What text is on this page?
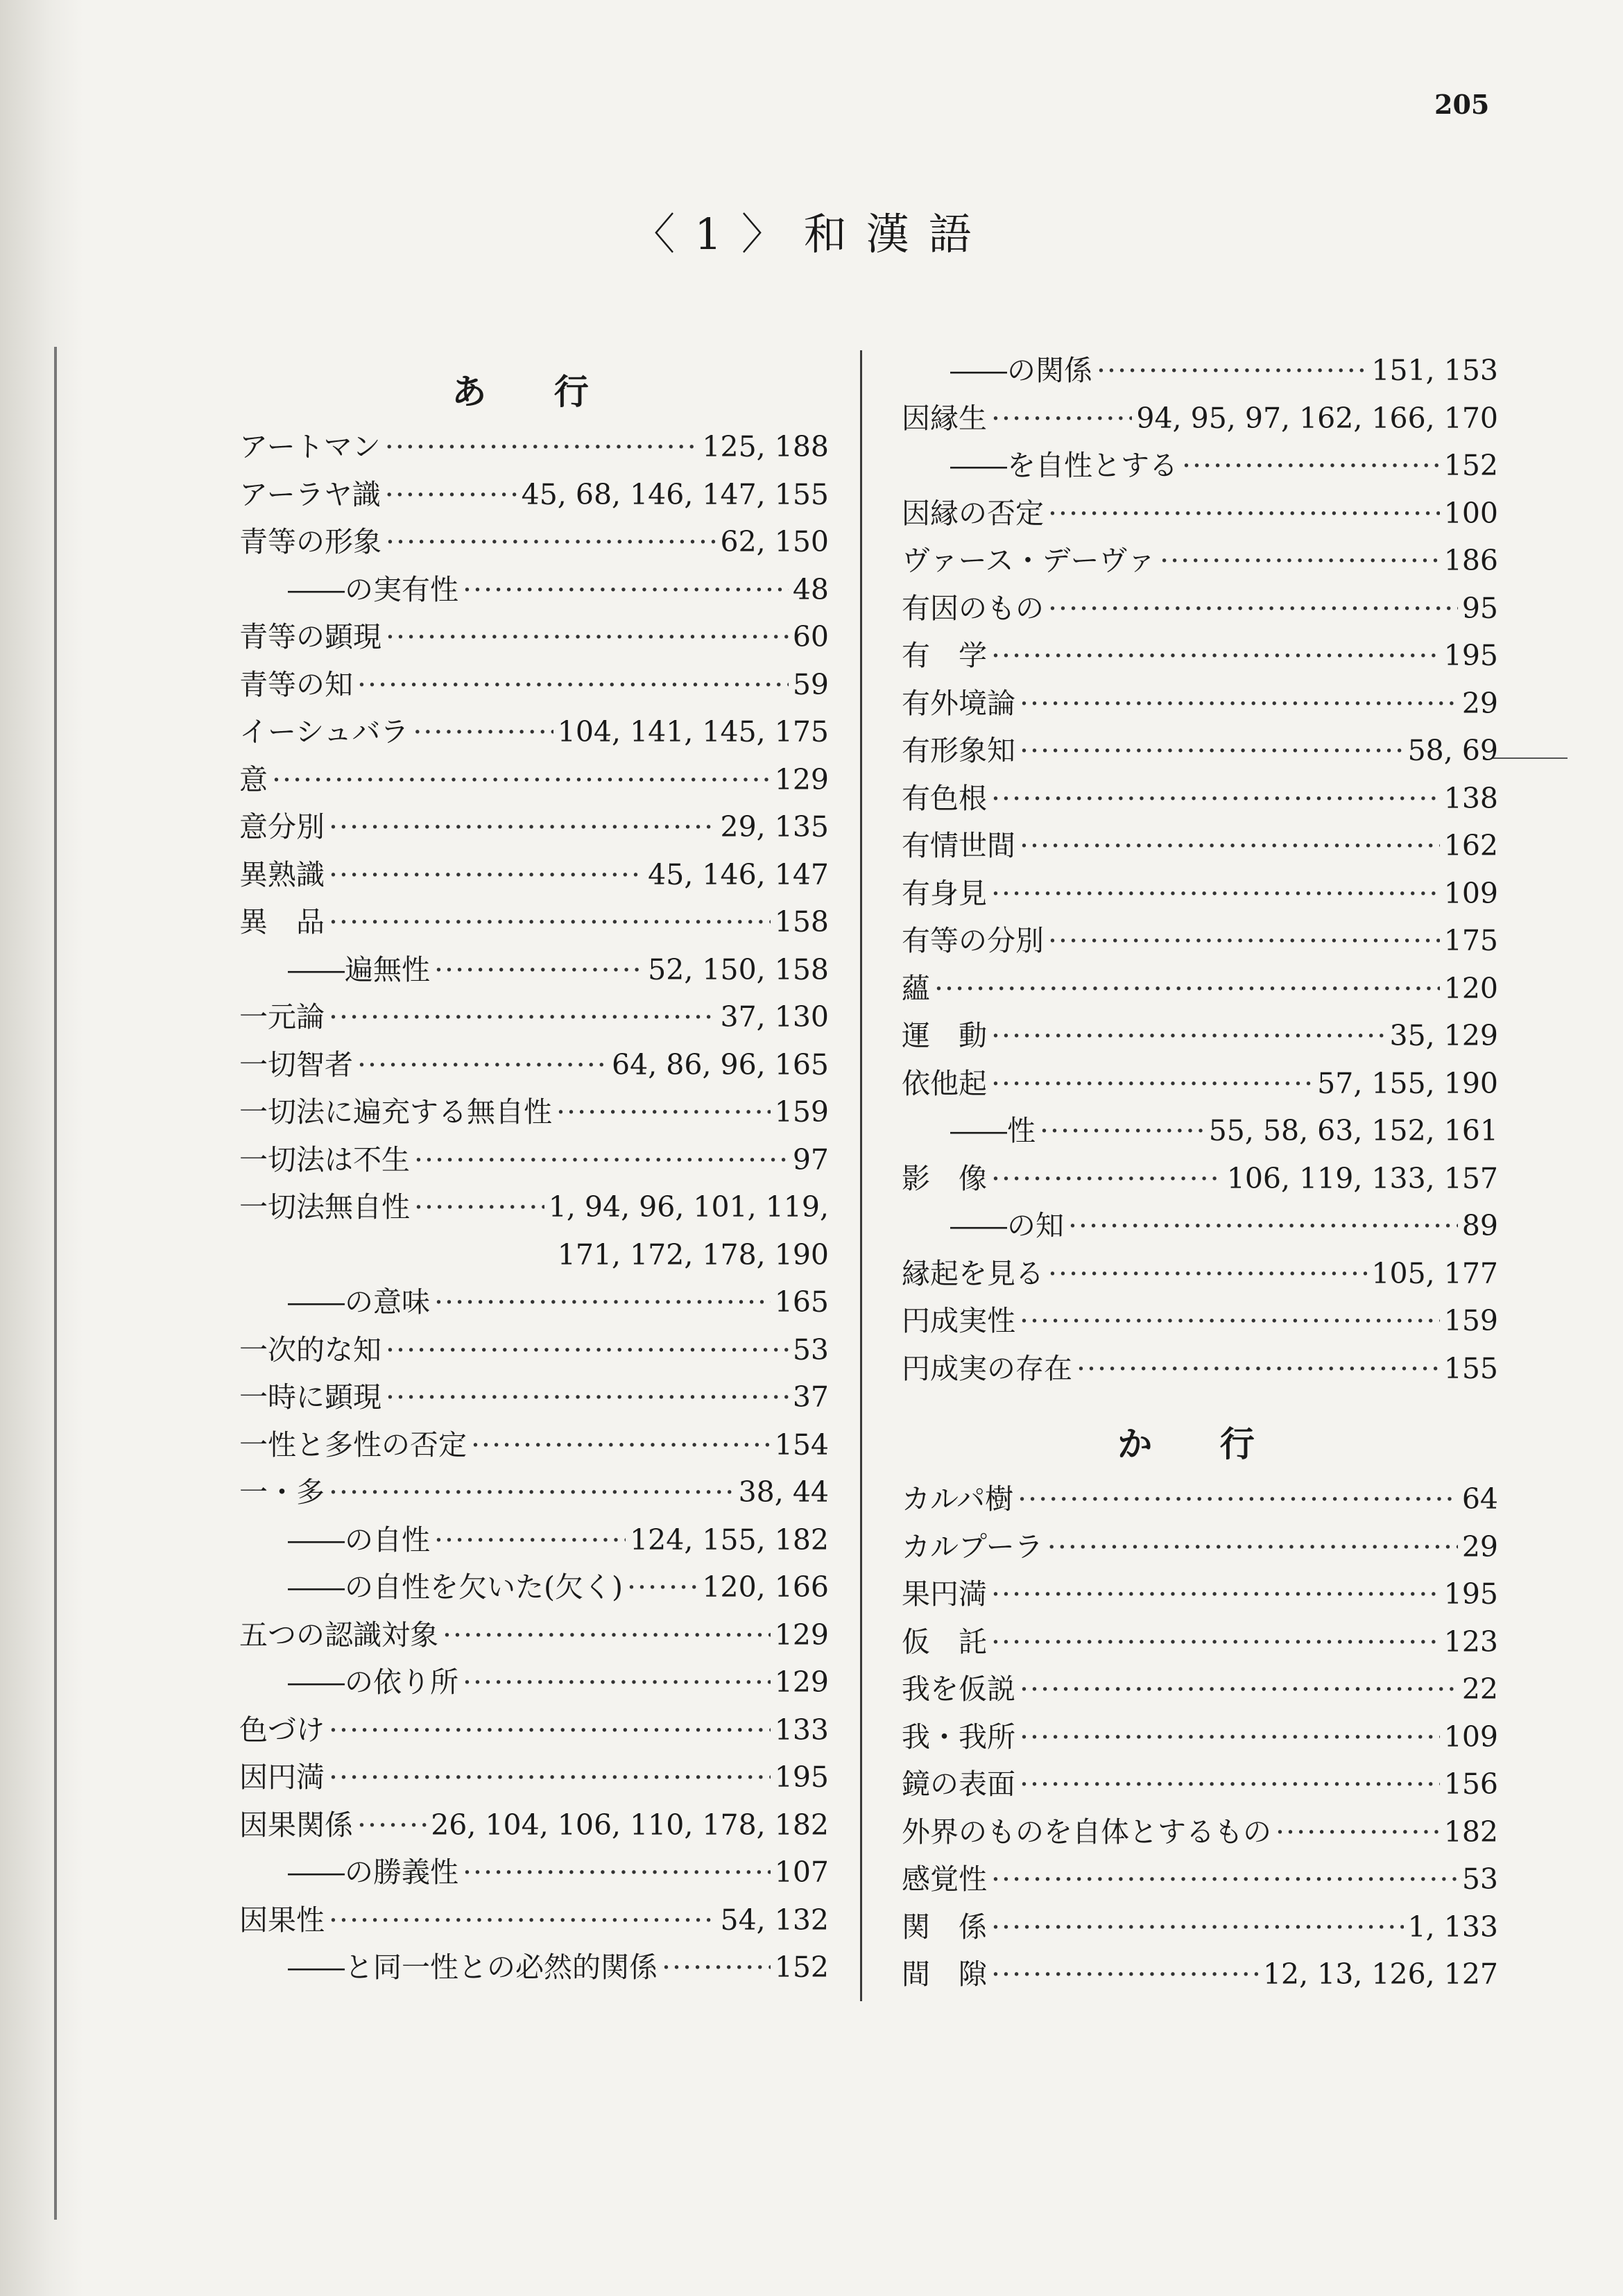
205
〈1〉和漢語
あ 行
アートマン ·····	125, 188
アーラヤ識 ·····	45, 68, 146, 147, 155
青等の形象 ·····	62, 150
――の実有性 ·····	48
青等の顕現 ·····	60
青等の知 ·····	59
イーシュバラ ·····	104, 141, 145, 175
意 ·····	129
意分別 ·····	29, 135
異熟識 ·····	45, 146, 147
異　品 ·····	158
――遍無性 ·····	52, 150, 158
一元論 ·····	37, 130
一切智者 ·····	64, 86, 96, 165
一切法に遍充する無自性 ·····	159
一切法は不生 ·····	97
一切法無自性 ·····	1, 94, 96, 101, 119,
171, 172, 178, 190
――の意味 ·····	165
一次的な知 ·····	53
一時に顕現 ·····	37
一性と多性の否定 ·····	154
一・多 ·····	38, 44
――の自性 ·····	124, 155, 182
――の自性を欠いた(欠く) ·····	120, 166
五つの認識対象 ·····	129
――の依り所 ·····	129
色づけ ·····	133
因円満 ·····	195
因果関係 ·····	26, 104, 106, 110, 178, 182
――の勝義性 ·····	107
因果性 ·····	54, 132
――と同一性との必然的関係 ·····	152
――の関係 ·····	151, 153
因縁生 ·····	94, 95, 97, 162, 166, 170
――を自性とする ·····	152
因縁の否定 ·····	100
ヴァース・デーヴァ ·····	186
有因のもの ·····	95
有　学 ·····	195
有外境論 ·····	29
有形象知 ·····	58, 69
有色根 ·····	138
有情世間 ·····	162
有身見 ·····	109
有等の分別 ·····	175
蘊 ·····	120
運　動 ·····	35, 129
依他起 ·····	57, 155, 190
――性 ·····	55, 58, 63, 152, 161
影　像 ·····	106, 119, 133, 157
――の知 ·····	89
縁起を見る ·····	105, 177
円成実性 ·····	159
円成実の存在 ·····	155
か 行
カルパ樹 ·····	64
カルプーラ ·····	29
果円満 ·····	195
仮　託 ·····	123
我を仮説 ·····	22
我・我所 ·····	109
鏡の表面 ·····	156
外界のものを自体とするもの ·····	182
感覚性 ·····	53
関　係 ·····	1, 133
間　隙 ·····	12, 13, 126, 127
